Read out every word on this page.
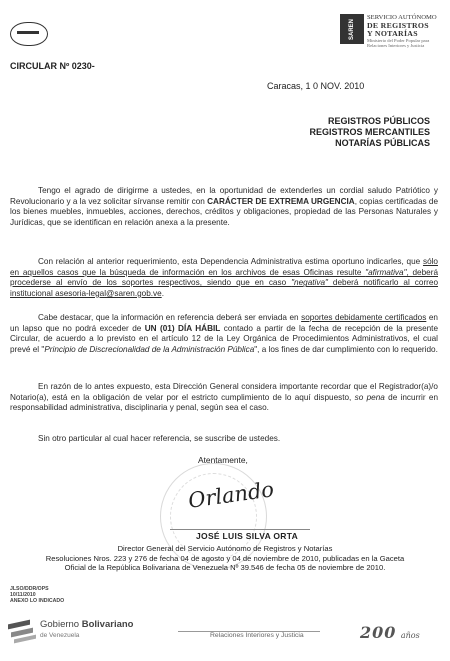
SAREN
SERVICIO AUTÓNOMO
DE REGISTROS
Y NOTARÍAS
Ministerio del Poder Popular para
Relaciones Interiores y Justicia
CIRCULAR Nº 0230-
Caracas, 1 0 NOV. 2010
REGISTROS PÚBLICOS
REGISTROS MERCANTILES
NOTARÍAS PÚBLICAS
Tengo el agrado de dirigirme a ustedes, en la oportunidad de extenderles un cordial saludo Patriótico y Revolucionario y a la vez solicitar sírvanse remitir con CARÁCTER DE EXTREMA URGENCIA, copias certificadas de los bienes muebles, inmuebles, acciones, derechos, créditos y obligaciones, propiedad de las Personas Naturales y Jurídicas, que se identifican en relación anexa a la presente.
Con relación al anterior requerimiento, esta Dependencia Administrativa estima oportuno indicarles, que sólo en aquellos casos que la búsqueda de información en los archivos de esas Oficinas resulte "afirmativa", deberá procederse al envío de los soportes respectivos, siendo que en caso "negativa" deberá notificarlo al correo institucional asesoria-legal@saren.gob.ve.
Cabe destacar, que la información en referencia deberá ser enviada en soportes debidamente certificados en un lapso que no podrá exceder de UN (01) DÍA HÁBIL contado a partir de la fecha de recepción de la presente Circular, de acuerdo a lo previsto en el artículo 12 de la Ley Orgánica de Procedimientos Administrativos, el cual prevé el "Principio de Discrecionalidad de la Administración Pública", a los fines de dar cumplimiento con lo requerido.
En razón de lo antes expuesto, esta Dirección General considera importante recordar que el Registrador(a)/o Notario(a), está en la obligación de velar por el estricto cumplimiento de lo aquí dispuesto, so pena de incurrir en responsabilidad administrativa, disciplinaria y penal, según sea el caso.
Sin otro particular al cual hacer referencia, se suscribe de ustedes.
Atentamente,
Orlando
JOSÉ LUIS SILVA ORTA
Director General del Servicio Autónomo de Registros y Notarías
Resoluciones Nros. 223 y 276 de fecha 04 de agosto y 04 de noviembre de 2010, publicadas en la Gaceta
Oficial de la República Bolivariana de Venezuela Nº 39.546 de fecha 05 de noviembre de 2010.
JLSO/DDR/OPS
10/11/2010
ANEXO LO INDICADO
Gobierno Bolivariano
de Venezuela	Relaciones Interiores y Justicia	200 años
